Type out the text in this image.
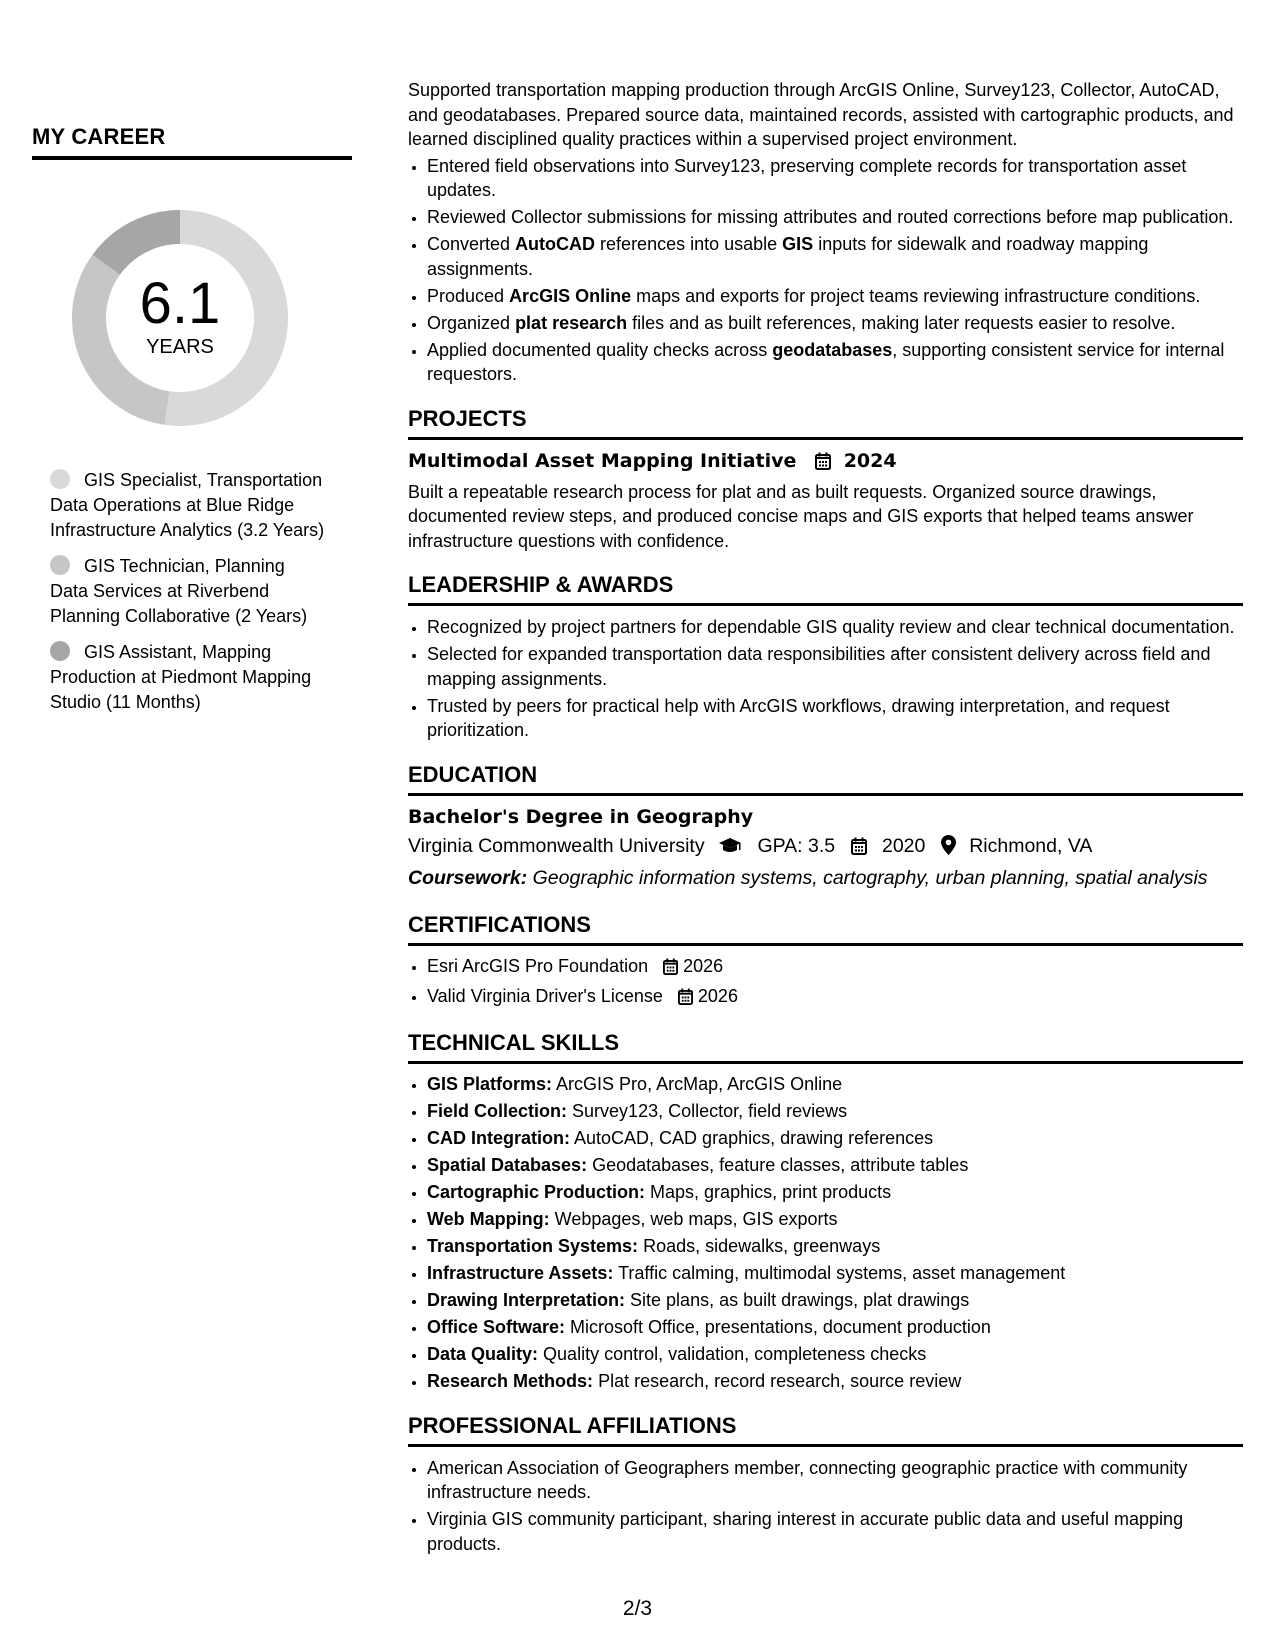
MY CAREER
6.1
YEARS
GIS Specialist, Transportation Data Operations at Blue Ridge Infrastructure Analytics (3.2 Years)
GIS Technician, Planning Data Services at Riverbend Planning Collaborative (2 Years)
GIS Assistant, Mapping Production at Piedmont Mapping Studio (11 Months)

Supported transportation mapping production through ArcGIS Online, Survey123, Collector, AutoCAD, and geodatabases. Prepared source data, maintained records, assisted with cartographic products, and learned disciplined quality practices within a supervised project environment.

• Entered field observations into Survey123, preserving complete records for transportation asset updates.
• Reviewed Collector submissions for missing attributes and routed corrections before map publication.
• Converted AutoCAD references into usable GIS inputs for sidewalk and roadway mapping assignments.
• Produced ArcGIS Online maps and exports for project teams reviewing infrastructure conditions.
• Organized plat research files and as built references, making later requests easier to resolve.
• Applied documented quality checks across geodatabases, supporting consistent service for internal requestors.
PROJECTS
Multimodal Asset Mapping Initiative 2024

Built a repeatable research process for plat and as built requests. Organized source drawings, documented review steps, and produced concise maps and GIS exports that helped teams answer infrastructure questions with confidence.

LEADERSHIP & AWARDS
• Recognized by project partners for dependable GIS quality review and clear technical documentation.
• Selected for expanded transportation data responsibilities after consistent delivery across field and mapping assignments.
• Trusted by peers for practical help with ArcGIS workflows, drawing interpretation, and request prioritization.
EDUCATION
Bachelor's Degree in Geography
Virginia Commonwealth University	GPA: 3.5 2020 Richmond, VA
Coursework: Geographic information systems, cartography, urban planning, spatial analysis
CERTIFICATIONS
• Esri ArcGIS Pro Foundation 2026
• Valid Virginia Driver's License 2026
TECHNICAL SKILLS
• GIS Platforms: ArcGIS Pro, ArcMap, ArcGIS Online
• Field Collection: Survey123, Collector, field reviews
• CAD Integration: AutoCAD, CAD graphics, drawing references
• Spatial Databases: Geodatabases, feature classes, attribute tables
• Cartographic Production: Maps, graphics, print products
• Web Mapping: Webpages, web maps, GIS exports
• Transportation Systems: Roads, sidewalks, greenways
• Infrastructure Assets: Traffic calming, multimodal systems, asset management
• Drawing Interpretation: Site plans, as built drawings, plat drawings
• Office Software: Microsoft Office, presentations, document production
• Data Quality: Quality control, validation, completeness checks
• Research Methods: Plat research, record research, source review
PROFESSIONAL AFFILIATIONS
• American Association of Geographers member, connecting geographic practice with community infrastructure needs.
• Virginia GIS community participant, sharing interest in accurate public data and useful mapping products.
2/3
